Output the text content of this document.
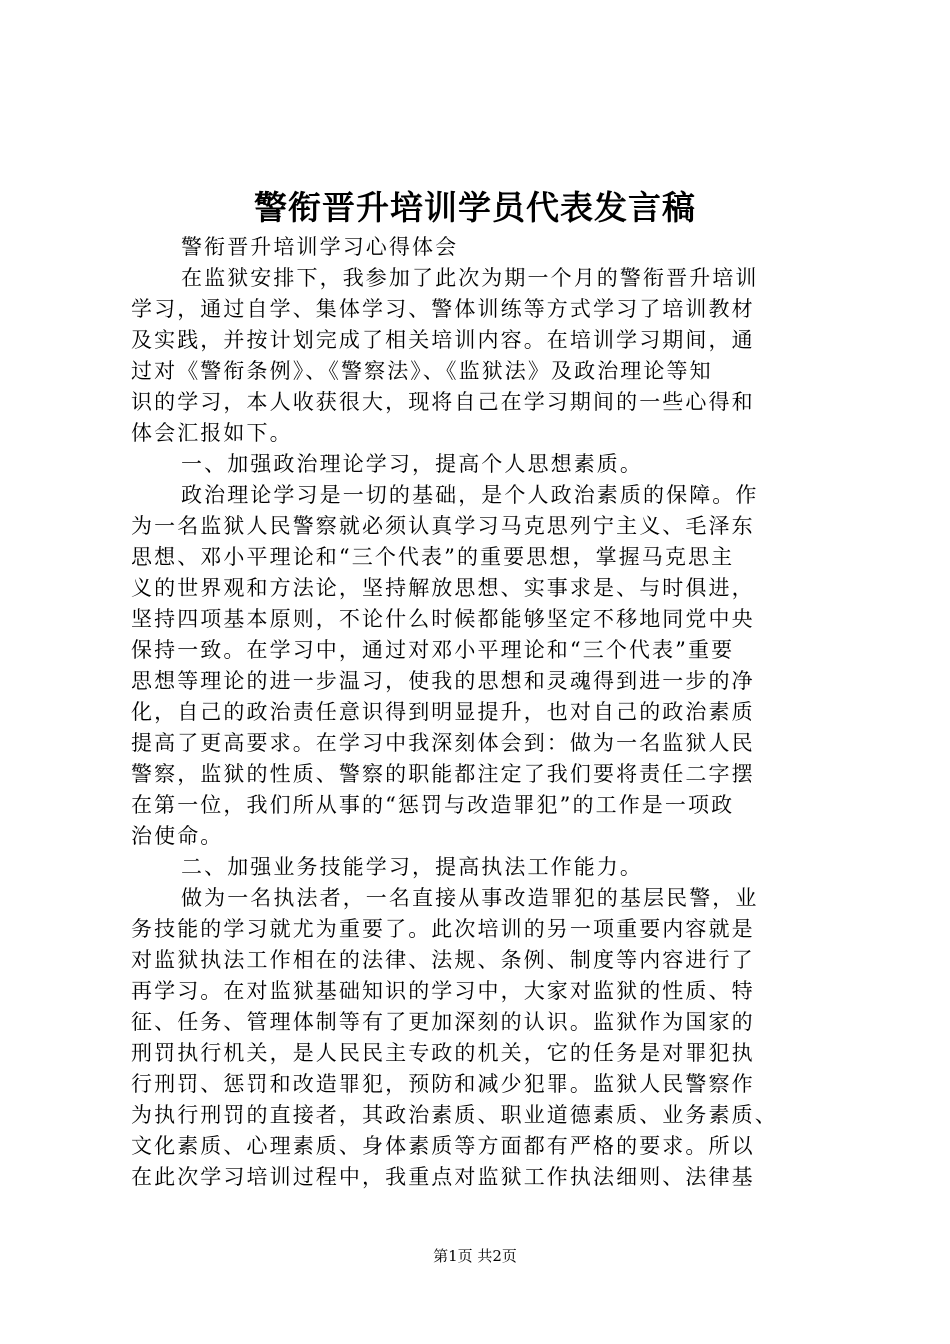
警衔晋升培训学员代表发言稿
警衔晋升培训学习心得体会
在监狱安排下，我参加了此次为期一个月的警衔晋升培训
学习，通过自学、集体学习、警体训练等方式学习了培训教材
及实践，并按计划完成了相关培训内容。在培训学习期间，通
过对《警衔条例》、《警察法》、《监狱法》及政治理论等知
识的学习，本人收获很大，现将自己在学习期间的一些心得和
体会汇报如下。
一、加强政治理论学习，提高个人思想素质。
政治理论学习是一切的基础，是个人政治素质的保障。作
为一名监狱人民警察就必须认真学习马克思列宁主义、毛泽东
思想、邓小平理论和“三个代表”的重要思想，掌握马克思主
义的世界观和方法论，坚持解放思想、实事求是、与时俱进，
坚持四项基本原则，不论什么时候都能够坚定不移地同党中央
保持一致。在学习中，通过对邓小平理论和“三个代表”重要
思想等理论的进一步温习，使我的思想和灵魂得到进一步的净
化，自己的政治责任意识得到明显提升，也对自己的政治素质
提高了更高要求。在学习中我深刻体会到：做为一名监狱人民
警察，监狱的性质、警察的职能都注定了我们要将责任二字摆
在第一位，我们所从事的“惩罚与改造罪犯”的工作是一项政
治使命。
二、加强业务技能学习，提高执法工作能力。
做为一名执法者，一名直接从事改造罪犯的基层民警，业
务技能的学习就尤为重要了。此次培训的另一项重要内容就是
对监狱执法工作相在的法律、法规、条例、制度等内容进行了
再学习。在对监狱基础知识的学习中，大家对监狱的性质、特
征、任务、管理体制等有了更加深刻的认识。监狱作为国家的
刑罚执行机关，是人民民主专政的机关，它的任务是对罪犯执
行刑罚、惩罚和改造罪犯，预防和减少犯罪。监狱人民警察作
为执行刑罚的直接者，其政治素质、职业道德素质、业务素质、
文化素质、心理素质、身体素质等方面都有严格的要求。所以
在此次学习培训过程中，我重点对监狱工作执法细则、法律基
第1页 共2页
